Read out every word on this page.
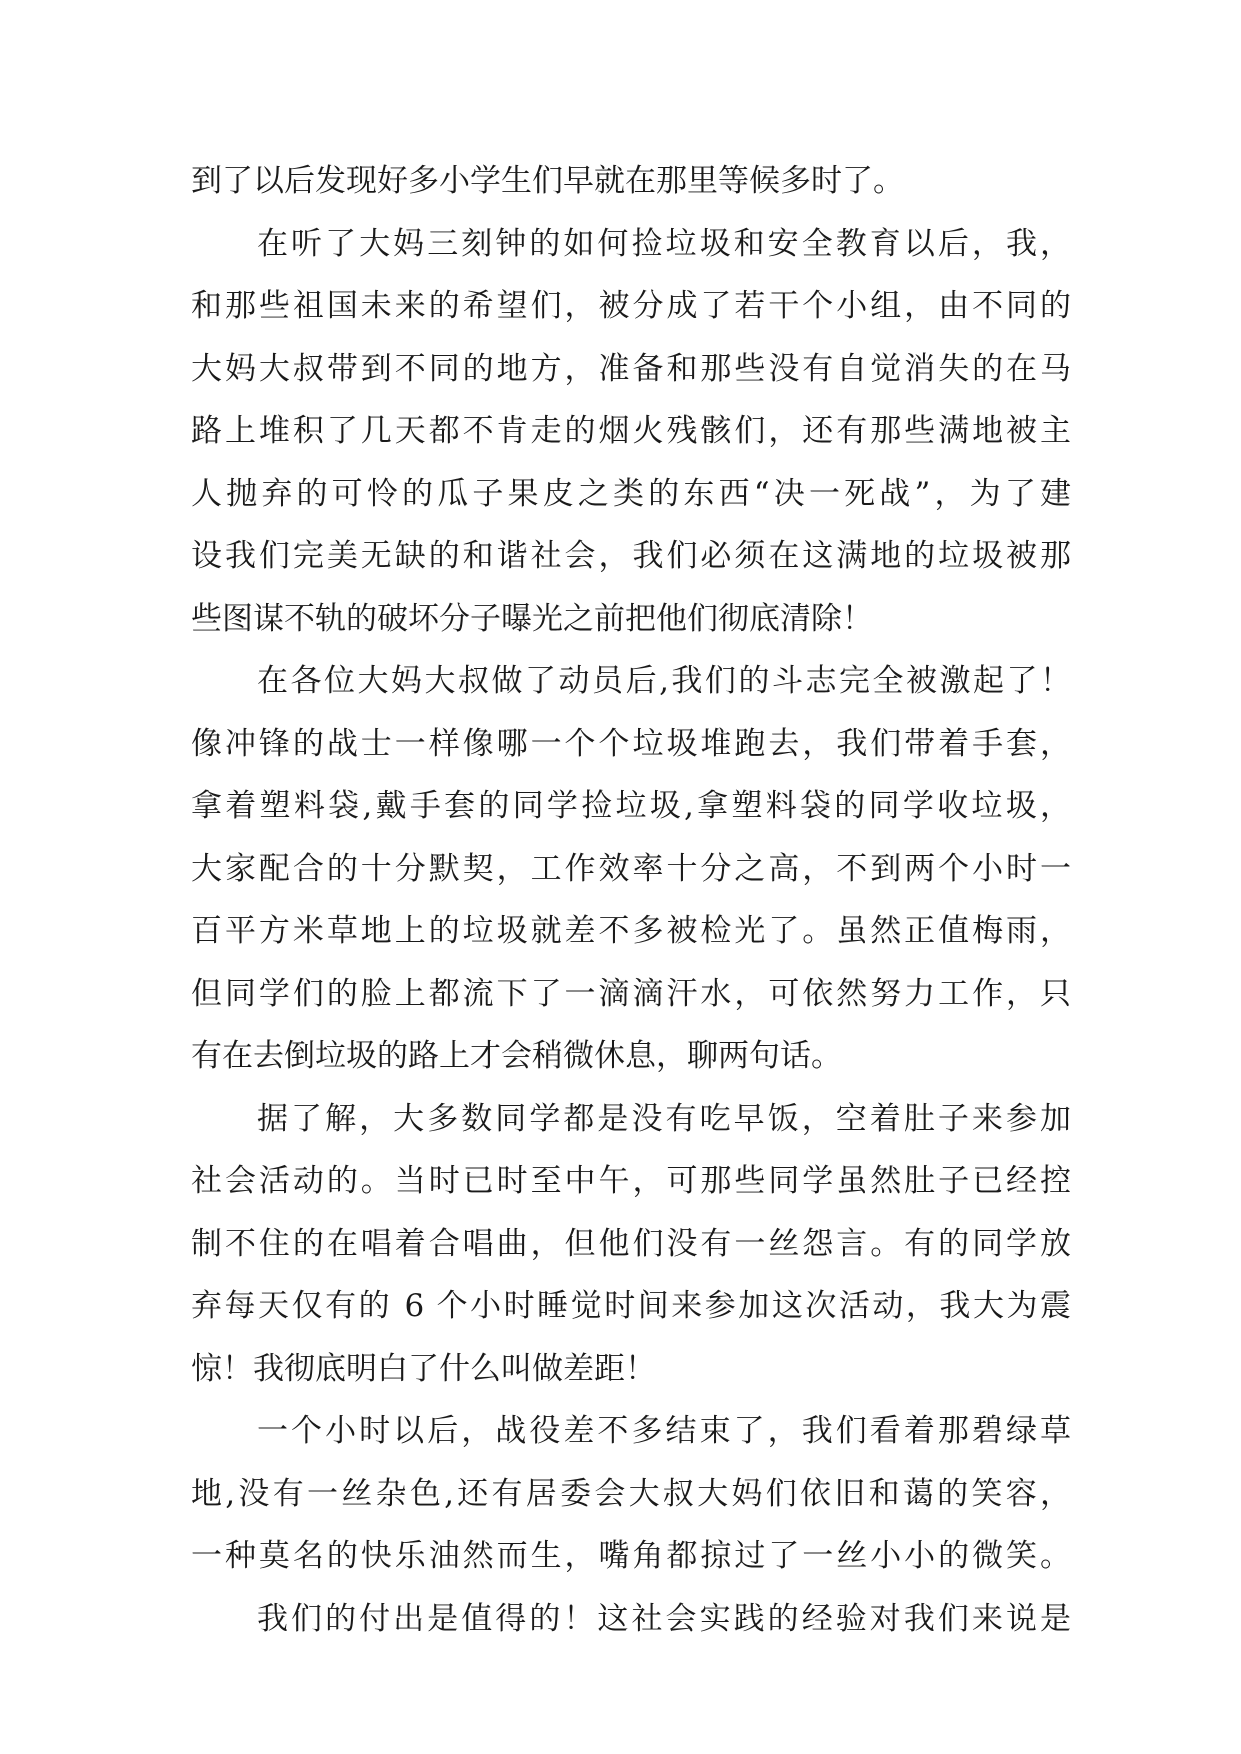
到了以后发现好多小学生们早就在那里等候多时了。
在听了大妈三刻钟的如何捡垃圾和安全教育以后，我，
和那些祖国未来的希望们，被分成了若干个小组，由不同的
大妈大叔带到不同的地方，准备和那些没有自觉消失的在马
路上堆积了几天都不肯走的烟火残骸们，还有那些满地被主
人抛弃的可怜的瓜子果皮之类的东西“决一死战”，为了建
设我们完美无缺的和谐社会，我们必须在这满地的垃圾被那
些图谋不轨的破坏分子曝光之前把他们彻底清除！
在各位大妈大叔做了动员后,我们的斗志完全被激起了！
像冲锋的战士一样像哪一个个垃圾堆跑去，我们带着手套，
拿着塑料袋,戴手套的同学捡垃圾,拿塑料袋的同学收垃圾，
大家配合的十分默契，工作效率十分之高，不到两个小时一
百平方米草地上的垃圾就差不多被检光了。虽然正值梅雨，
但同学们的脸上都流下了一滴滴汗水，可依然努力工作，只
有在去倒垃圾的路上才会稍微休息，聊两句话。
据了解，大多数同学都是没有吃早饭，空着肚子来参加
社会活动的。当时已时至中午，可那些同学虽然肚子已经控
制不住的在唱着合唱曲，但他们没有一丝怨言。有的同学放
弃每天仅有的 6 个小时睡觉时间来参加这次活动，我大为震
惊！我彻底明白了什么叫做差距！
一个小时以后，战役差不多结束了，我们看着那碧绿草
地,没有一丝杂色,还有居委会大叔大妈们依旧和蔼的笑容，
一种莫名的快乐油然而生，嘴角都掠过了一丝小小的微笑。
我们的付出是值得的！这社会实践的经验对我们来说是
